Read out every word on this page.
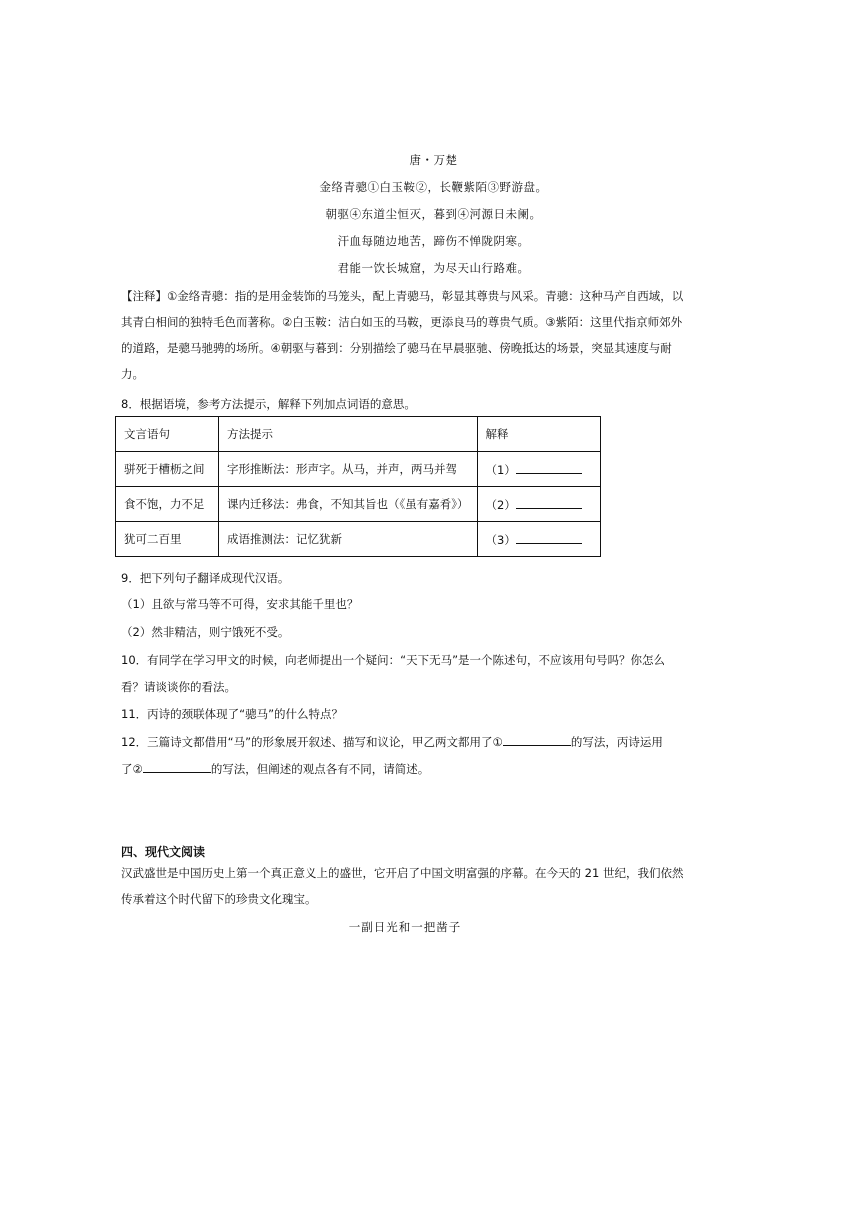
唐・万楚
金络青骢①白玉鞍②，长鞭紫陌③野游盘。
朝驱④东道尘恒灭，暮到④河源日未阑。
汗血每随边地苦，蹄伤不惮陇阴寒。
君能一饮长城窟，为尽天山行路难。
【注释】①金络青骢：指的是用金装饰的马笼头，配上青骢马，彰显其尊贵与风采。青骢：这种马产自西域，以其青白相间的独特毛色而著称。②白玉鞍：洁白如玉的马鞍，更添良马的尊贵气质。③紫陌：这里代指京师郊外的道路，是骢马驰骋的场所。④朝驱与暮到：分别描绘了骢马在早晨驱驰、傍晚抵达的场景，突显其速度与耐力。
8．根据语境，参考方法提示，解释下列加点词语的意思。
文言语句	方法提示	解释
骈死于槽枥之间	字形推断法：形声字。从马，并声，两马并驾	（1）
食不饱，力不足	课内迁移法：弗食，不知其旨也（《虽有嘉肴》）	（2）
犹可二百里	成语推测法：记忆犹新	（3）
9．把下列句子翻译成现代汉语。
（1）且欲与常马等不可得，安求其能千里也？
（2）然非精洁，则宁饿死不受。
10．有同学在学习甲文的时候，向老师提出一个疑问：“天下无马”是一个陈述句，不应该用句号吗？你怎么
看？请谈谈你的看法。
11．丙诗的颈联体现了“骢马”的什么特点？
12．三篇诗文都借用“马”的形象展开叙述、描写和议论，甲乙两文都用了①	的写法，丙诗运用
了②	的写法，但阐述的观点各有不同，请简述。
四、现代文阅读
汉武盛世是中国历史上第一个真正意义上的盛世，它开启了中国文明富强的序幕。在今天的 21 世纪，我们依然传承着这个时代留下的珍贵文化瑰宝。
一副日光和一把凿子
